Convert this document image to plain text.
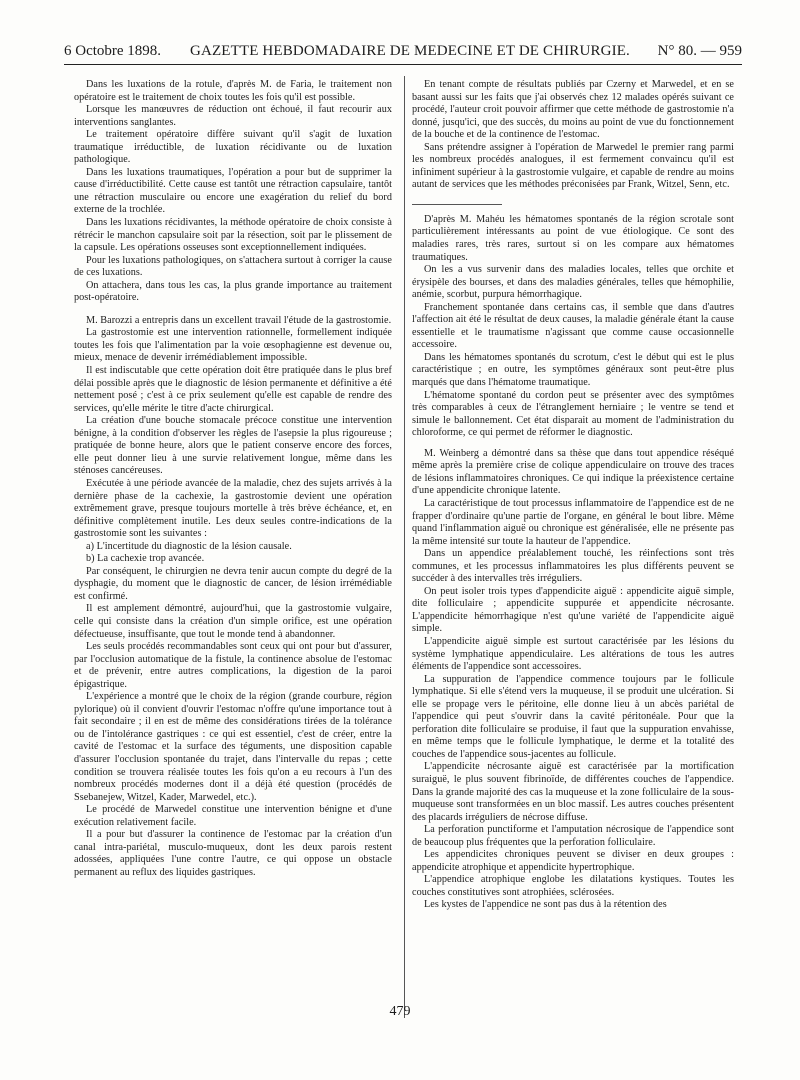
6 Octobre 1898. GAZETTE HEBDOMADAIRE DE MEDECINE ET DE CHIRURGIE. N° 80. — 959

Dans les luxations de la rotule, d'après M. de Faria, le traitement non opératoire est le traitement de choix toutes les fois qu'il est possible.

Lorsque les manœuvres de réduction ont échoué, il faut recourir aux interventions sanglantes.

Le traitement opératoire diffère suivant qu'il s'agit de luxation traumatique irréductible, de luxation récidivante ou de luxation pathologique.

Dans les luxations traumatiques, l'opération a pour but de supprimer la cause d'irréductibilité. Cette cause est tantôt une rétraction capsulaire, tantôt une rétraction musculaire ou encore une exagération du relief du bord externe de la trochlée.

Dans les luxations récidivantes, la méthode opératoire de choix consiste à rétrécir le manchon capsulaire soit par la résection, soit par le plissement de la capsule. Les opérations osseuses sont exceptionnellement indiquées.

Pour les luxations pathologiques, on s'attachera surtout à corriger la cause de ces luxations.

On attachera, dans tous les cas, la plus grande importance au traitement post-opératoire.

M. Barozzi a entrepris dans un excellent travail l'étude de la gastrostomie.

La gastrostomie est une intervention rationnelle, formellement indiquée toutes les fois que l'alimentation par la voie œsophagienne est devenue ou, mieux, menace de devenir irrémédiablement impossible.

Il est indiscutable que cette opération doit être pratiquée dans le plus bref délai possible après que le diagnostic de lésion permanente et définitive a été nettement posé ; c'est à ce prix seulement qu'elle est capable de rendre des services, qu'elle mérite le titre d'acte chirurgical.

La création d'une bouche stomacale précoce constitue une intervention bénigne, à la condition d'observer les règles de l'asepsie la plus rigoureuse ; pratiquée de bonne heure, alors que le patient conserve encore des forces, elle peut donner lieu à une survie relativement longue, même dans les sténoses cancéreuses.

Exécutée à une période avancée de la maladie, chez des sujets arrivés à la dernière phase de la cachexie, la gastrostomie devient une opération extrêmement grave, presque toujours mortelle à très brève échéance, et, en définitive complètement inutile. Les deux seules contre-indications de la gastrostomie sont les suivantes :

a) L'incertitude du diagnostic de la lésion causale.

b) La cachexie trop avancée.

Par conséquent, le chirurgien ne devra tenir aucun compte du degré de la dysphagie, du moment que le diagnostic de cancer, de lésion irrémédiable est confirmé.

Il est amplement démontré, aujourd'hui, que la gastrostomie vulgaire, celle qui consiste dans la création d'un simple orifice, est une opération défectueuse, insuffisante, que tout le monde tend à abandonner.

Les seuls procédés recommandables sont ceux qui ont pour but d'assurer, par l'occlusion automatique de la fistule, la continence absolue de l'estomac et de prévenir, entre autres complications, la digestion de la paroi épigastrique.

L'expérience a montré que le choix de la région (grande courbure, région pylorique) où il convient d'ouvrir l'estomac n'offre qu'une importance tout à fait secondaire ; il en est de même des considérations tirées de la tolérance ou de l'intolérance gastriques : ce qui est essentiel, c'est de créer, entre la cavité de l'estomac et la surface des téguments, une disposition capable d'assurer l'occlusion spontanée du trajet, dans l'intervalle du repas ; cette condition se trouvera réalisée toutes les fois qu'on a eu recours à l'un des nombreux procédés modernes dont il a déjà été question (procédés de Ssebanejew, Witzel, Kader, Marwedel, etc.).

Le procédé de Marwedel constitue une intervention bénigne et d'une exécution relativement facile.

Il a pour but d'assurer la continence de l'estomac par la création d'un canal intra-pariétal, musculo-muqueux, dont les deux parois restent adossées, appliquées l'une contre l'autre, ce qui oppose un obstacle permanent au reflux des liquides gastriques.

En tenant compte de résultats publiés par Czerny et Marwedel, et en se basant aussi sur les faits que j'ai observés chez 12 malades opérés suivant ce procédé, l'auteur croit pouvoir affirmer que cette méthode de gastrostomie n'a donné, jusqu'ici, que des succès, du moins au point de vue du fonctionnement de la bouche et de la continence de l'estomac.

Sans prétendre assigner à l'opération de Marwedel le premier rang parmi les nombreux procédés analogues, il est fermement convaincu qu'il est infiniment supérieur à la gastrostomie vulgaire, et capable de rendre au moins autant de services que les méthodes préconisées par Frank, Witzel, Senn, etc.

D'après M. Mahéu les hématomes spontanés de la région scrotale sont particulièrement intéressants au point de vue étiologique. Ce sont des maladies rares, très rares, surtout si on les compare aux hématomes traumatiques.

On les a vus survenir dans des maladies locales, telles que orchite et érysipèle des bourses, et dans des maladies générales, telles que hémophilie, anémie, scorbut, purpura hémorrhagique.

Franchement spontanée dans certains cas, il semble que dans d'autres l'affection ait été le résultat de deux causes, la maladie générale étant la cause essentielle et le traumatisme n'agissant que comme cause occasionnelle accessoire.

Dans les hématomes spontanés du scrotum, c'est le début qui est le plus caractéristique ; en outre, les symptômes généraux sont peut-être plus marqués que dans l'hématome traumatique.

L'hématome spontané du cordon peut se présenter avec des symptômes très comparables à ceux de l'étranglement herniaire ; le ventre se tend et simule le ballonnement. Cet état disparait au moment de l'administration du chloroforme, ce qui permet de réformer le diagnostic.

M. Weinberg a démontré dans sa thèse que dans tout appendice réséqué même après la première crise de colique appendiculaire on trouve des traces de lésions inflammatoires chroniques. Ce qui indique la préexistence certaine d'une appendicite chronique latente.

La caractéristique de tout processus inflammatoire de l'appendice est de ne frapper d'ordinaire qu'une partie de l'organe, en général le bout libre. Même quand l'inflammation aiguë ou chronique est généralisée, elle ne présente pas la même intensité sur toute la hauteur de l'appendice.

Dans un appendice préalablement touché, les réinfections sont très communes, et les processus inflammatoires les plus différents peuvent se succéder à des intervalles très irréguliers.

On peut isoler trois types d'appendicite aiguë : appendicite aiguë simple, dite folliculaire ; appendicite suppurée et appendicite nécrosante. L'appendicite hémorrhagique n'est qu'une variété de l'appendicite aiguë simple.

L'appendicite aiguë simple est surtout caractérisée par les lésions du système lymphatique appendiculaire. Les altérations de tous les autres éléments de l'appendice sont accessoires.

La suppuration de l'appendice commence toujours par le follicule lymphatique. Si elle s'étend vers la muqueuse, il se produit une ulcération. Si elle se propage vers le péritoine, elle donne lieu à un abcès pariétal de l'appendice qui peut s'ouvrir dans la cavité péritonéale. Pour que la perforation dite folliculaire se produise, il faut que la suppuration envahisse, en même temps que le follicule lymphatique, le derme et la totalité des couches de l'appendice sous-jacentes au follicule.

L'appendicite nécrosante aiguë est caractérisée par la mortification suraiguë, le plus souvent fibrinoïde, de différentes couches de l'appendice. Dans la grande majorité des cas la muqueuse et la zone folliculaire de la sous-muqueuse sont transformées en un bloc massif. Les autres couches présentent des placards irréguliers de nécrose diffuse.

La perforation punctiforme et l'amputation nécrosique de l'appendice sont de beaucoup plus fréquentes que la perforation folliculaire.

Les appendicites chroniques peuvent se diviser en deux groupes : appendicite atrophique et appendicite hypertrophique.

L'appendice atrophique englobe les dilatations kystiques. Toutes les couches constitutives sont atrophiées, sclérosées.

Les kystes de l'appendice ne sont pas dus à la rétention des

479
